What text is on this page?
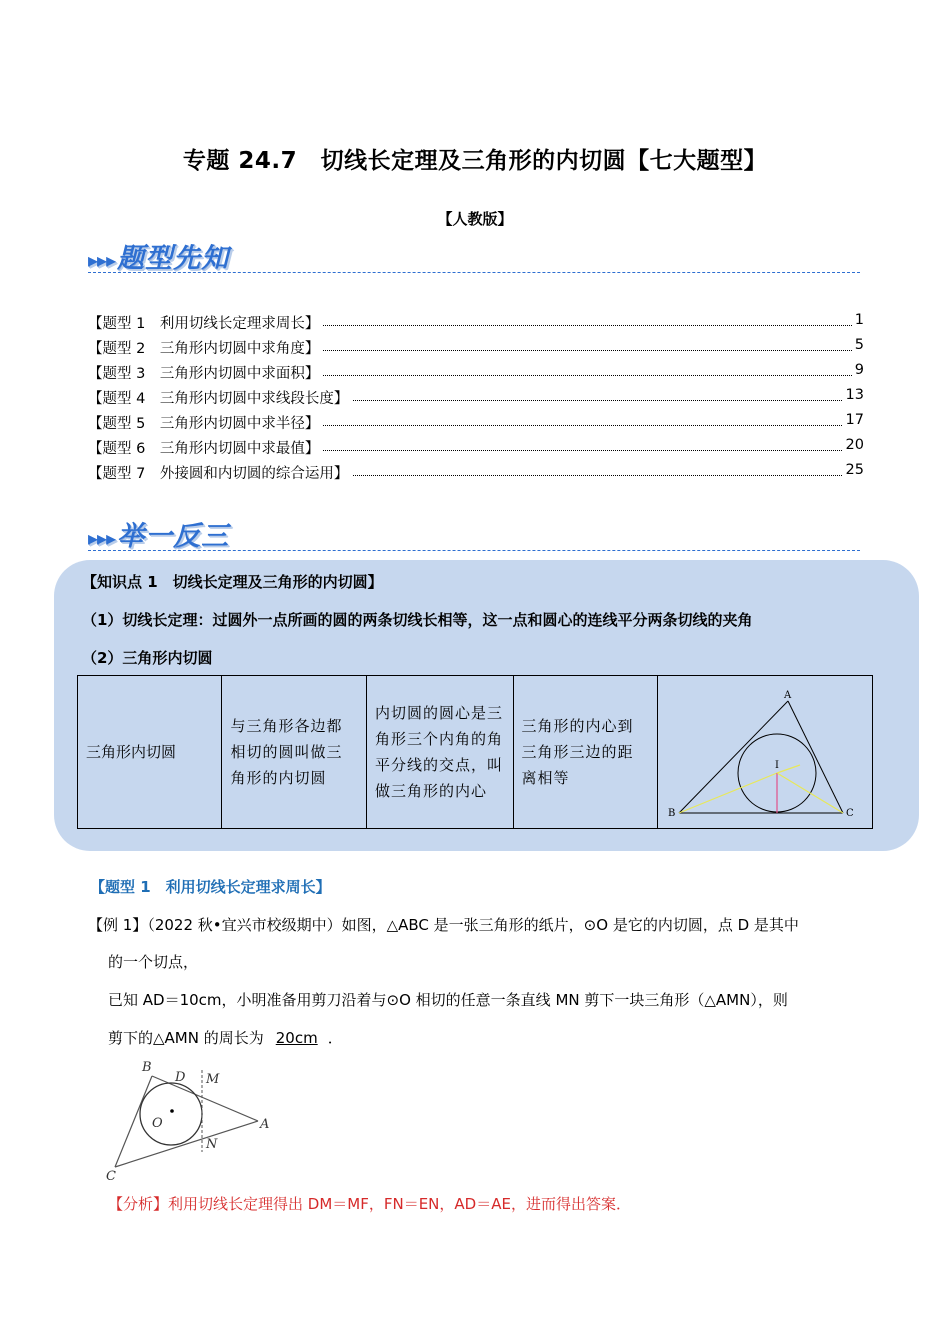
专题 24.7　切线长定理及三角形的内切圆【七大题型】
【人教版】
▸▸▸题型先知
【题型 1　利用切线长定理求周长】	1
【题型 2　三角形内切圆中求角度】	5
【题型 3　三角形内切圆中求面积】	9
【题型 4　三角形内切圆中求线段长度】	13
【题型 5　三角形内切圆中求半径】	17
【题型 6　三角形内切圆中求最值】	20
【题型 7　外接圆和内切圆的综合运用】	25
▸▸▸举一反三
【知识点 1　切线长定理及三角形的内切圆】
（1）切线长定理：过圆外一点所画的圆的两条切线长相等，这一点和圆心的连线平分两条切线的夹角
（2）三角形内切圆
三角形内切圆	与三角形各边都相切的圆叫做三角形的内切圆	内切圆的圆心是三角形三个内角的角平分线的交点，叫做三角形的内心	三角形的内心到三角形三边的距离相等	
A
B	C
I
【题型 1　利用切线长定理求周长】
【例 1】（2022 秋•宜兴市校级期中）如图，△ABC 是一张三角形的纸片，⊙O 是它的内切圆，点 D 是其中
的一个切点，
已知 AD＝10cm，小明准备用剪刀沿着与⊙O 相切的任意一条直线 MN 剪下一块三角形（△AMN），则
剪下的△AMN 的周长为 20cm ．
B
D M
O	A
N
C
【分析】利用切线长定理得出 DM＝MF，FN＝EN，AD＝AE，进而得出答案．
